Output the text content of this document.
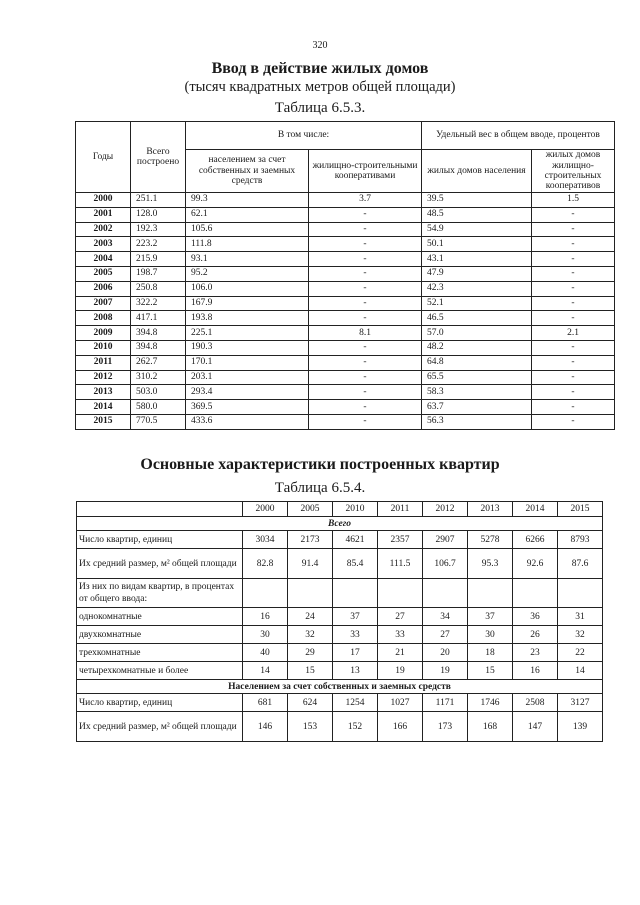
320
Ввод в действие жилых домов
(тысяч квадратных метров общей площади)
Таблица 6.5.3.
Годы	Всего построено	В том числе:		Удельный вес в общем вводе, процентов	
		населением за счет собственных и заемных средств	жилищно-строительными кооперативами	жилых домов населения	жилых домов жилищно-строительных кооперативов
2000	251.1	99.3	3.7	39.5	1.5
2001	128.0	62.1	-	48.5	-
2002	192.3	105.6	-	54.9	-
2003	223.2	111.8	-	50.1	-
2004	215.9	93.1	-	43.1	-
2005	198.7	95.2	-	47.9	-
2006	250.8	106.0	-	42.3	-
2007	322.2	167.9	-	52.1	-
2008	417.1	193.8	-	46.5	-
2009	394.8	225.1	8.1	57.0	2.1
2010	394.8	190.3	-	48.2	-
2011	262.7	170.1	-	64.8	-
2012	310.2	203.1	-	65.5	-
2013	503.0	293.4	-	58.3	-
2014	580.0	369.5	-	63.7	-
2015	770.5	433.6	-	56.3	-
Основные характеристики построенных квартир
Таблица 6.5.4.
	2000	2005	2010	2011	2012	2013	2014	2015
Всего								
Число квартир, единиц	3034	2173	4621	2357	2907	5278	6266	8793
Их средний размер, м² общей площади	82.8	91.4	85.4	111.5	106.7	95.3	92.6	87.6
Из них по видам квартир, в процентах от общего ввода:								
однокомнатные	16	24	37	27	34	37	36	31
двухкомнатные	30	32	33	33	27	30	26	32
трехкомнатные	40	29	17	21	20	18	23	22
четырехкомнатные и более	14	15	13	19	19	15	16	14
Населением за счет собственных и заемных средств								
Число квартир, единиц	681	624	1254	1027	1171	1746	2508	3127
Их средний размер, м² общей площади	146	153	152	166	173	168	147	139
